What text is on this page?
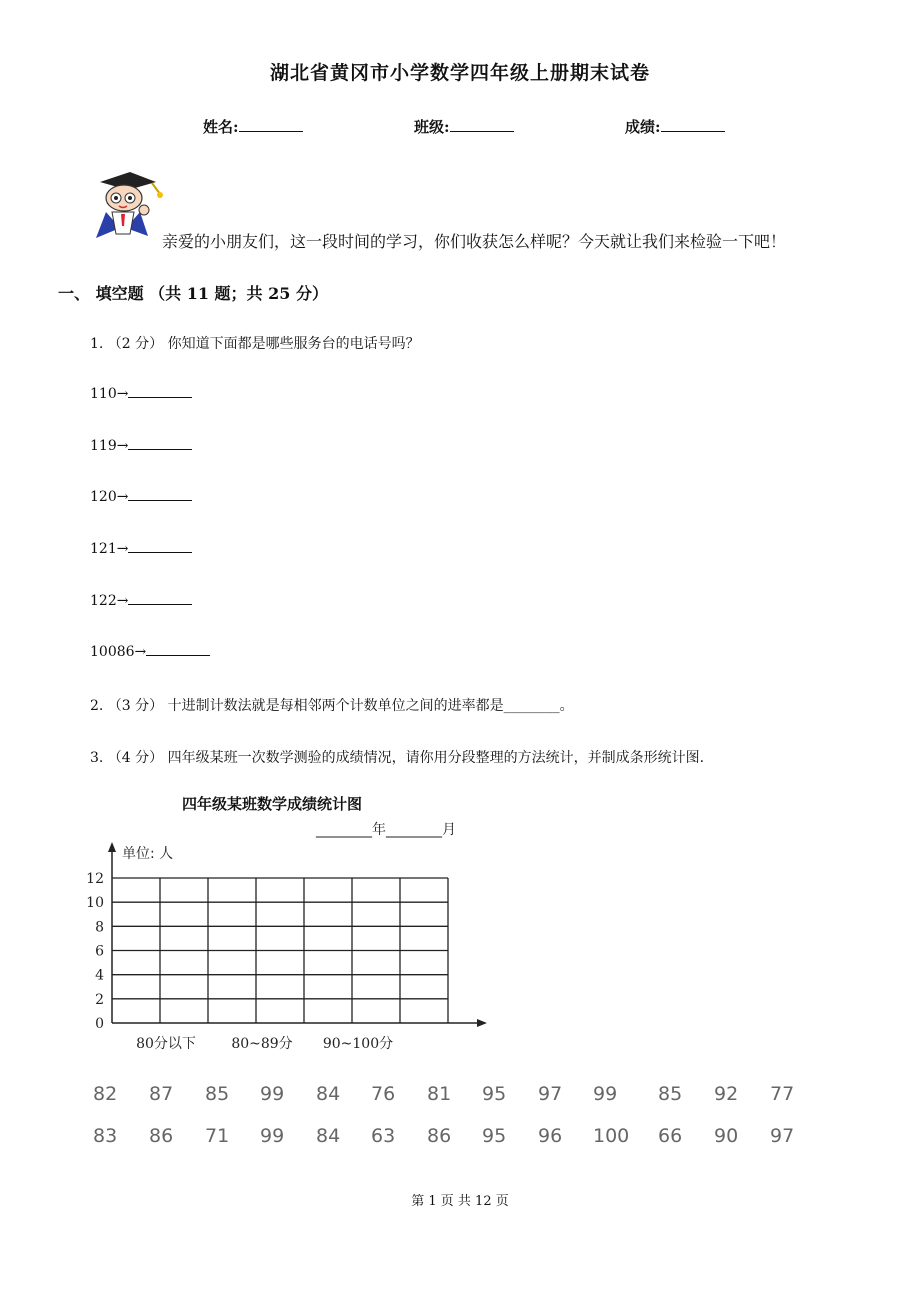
湖北省黄冈市小学数学四年级上册期末试卷
姓名:	班级:	成绩:
亲爱的小朋友们，这一段时间的学习，你们收获怎么样呢？今天就让我们来检验一下吧！
一、 填空题 （共 11 题；共 25 分）
1. （2 分） 你知道下面都是哪些服务台的电话号吗？
110→
119→
120→
121→
122→
10086→
2. （3 分） 十进制计数法就是每相邻两个计数单位之间的进率都是________。
3. （4 分） 四年级某班一次数学测验的成绩情况，请你用分段整理的方法统计，并制成条形统计图.
四年级某班数学成绩统计图
________年________月
单位: 人
0
2
4
6
8
10
12
80分以下	80~89分 90~100分
82 87 85 99 84 76 81 95 97 99 85 92 77
83 86 71 99 84 63 86 95 96 100 66 90 97
第 1 页 共 12 页
